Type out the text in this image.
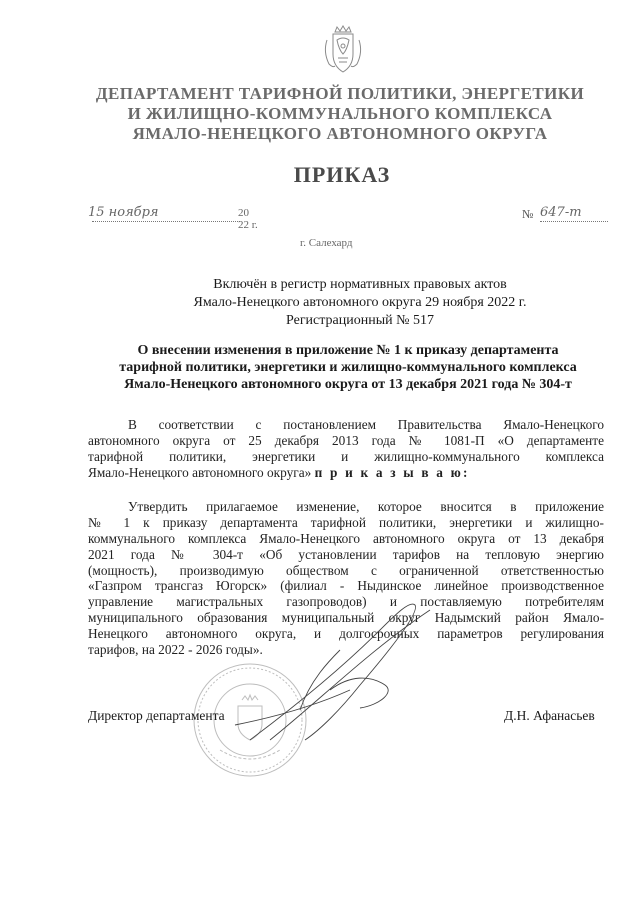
ДЕПАРТАМЕНТ ТАРИФНОЙ ПОЛИТИКИ, ЭНЕРГЕТИКИ
И ЖИЛИЩНО-КОММУНАЛЬНОГО КОМПЛЕКСА
ЯМАЛО-НЕНЕЦКОГО АВТОНОМНОГО ОКРУГА
ПРИКАЗ
15 ноября	20 22 г.
№ 647-т
г. Салехард
Включён в регистр нормативных правовых актов
Ямало-Ненецкого автономного округа 29 ноября 2022 г.
Регистрационный № 517
О внесении изменения в приложение № 1 к приказу департамента
тарифной политики, энергетики и жилищно-коммунального комплекса
Ямало-Ненецкого автономного округа от 13 декабря 2021 года № 304-т
В соответствии с постановлением Правительства Ямало-Ненецкого
автономного округа от 25 декабря 2013 года № 1081-П «О департаменте
тарифной политики, энергетики и жилищно-коммунального комплекса
Ямало-Ненецкого автономного округа» п р и к а з ы в а ю:
Утвердить прилагаемое изменение, которое вносится в приложение
№ 1 к приказу департамента тарифной политики, энергетики и жилищно-
коммунального комплекса Ямало-Ненецкого автономного округа от 13 декабря
2021 года № 304-т «Об установлении тарифов на тепловую энергию
(мощность), производимую обществом с ограниченной ответственностью
«Газпром трансгаз Югорск» (филиал - Ныдинское линейное производственное
управление магистральных газопроводов) и поставляемую потребителям
муниципального образования муниципальный округ Надымский район Ямало-
Ненецкого автономного округа, и долгосрочных параметров регулирования
тарифов, на 2022 - 2026 годы».
Директор департамента	Д.Н. Афанасьев
